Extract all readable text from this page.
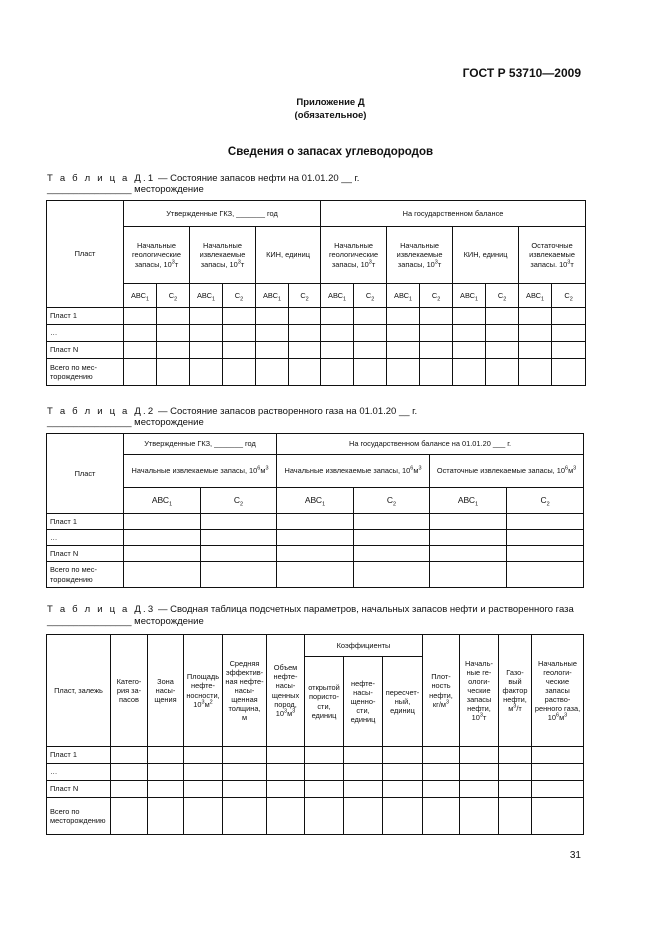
ГОСТ Р 53710—2009
Приложение Д
(обязательное)
Сведения о запасах углеводородов
Т а б л и ц а Д.1 — Состояние запасов нефти на 01.01.20 __ г.
________________ месторождение
Пласт	Утвержденные ГКЗ, _______ год						На государственном балансе							
	Начальные геологические запасы, $10^3т$		Начальные извлекаемые запасы, $10^3т$		КИН, единиц		Начальные геологические запасы, $10^3т$		Начальные извлекаемые запасы, $10^3т$		КИН, единиц		Остаточные извлекаемые запасы. $10^3т$	
	$АВС_1$	$С_2$	$АВС_1$	$С_2$	$АВС_1$	$С_2$	$АВС_1$	$С_2$	$АВС_1$	$С_2$	$АВС_1$	$С_2$	$АВС_1$	$С_2$
Пласт 1														
…														
Пласт N														
Всего по месторождению														
Т а б л и ц а Д.2 — Состояние запасов растворенного газа на 01.01.20 __ г.
________________ месторождение
Пласт	Утвержденные ГКЗ, _______ год		На государственном балансе на 01.01.20 ___ г.			
	Начальные извлекаемые запасы, $10^6м^3$		Начальные извлекаемые запасы, $10^6м^3$		Остаточные извлекаемые запасы, $10^6м^3$
	$АВС_1$	$С_2$	$АВС_1$	$С_2$	$АВС_1$	$С_2$
Пласт 1						
…						
Пласт N						
Всего по месторождению						
Т а б л и ц а Д.3 — Сводная таблица подсчетных параметров, начальных запасов нефти и растворенного газа
________________ месторождение
Пласт, залежь	Категория запасов	Зона насыщения	Площадь нефтеносности, $10^3м^2$	Средняя эффективная нефтенасыщенная толщина, м	Объем нефтенасыщенных пород, $10^3м^3$	Коэффициенты			Плотность нефти, $кг/м^3$	Начальные геологические запасы нефти, $10^3т$	Газовый фактор нефти, $м^3/т$	Начальные геологические запасы растворенного газа, $10^6м^3$
						открытой пористости, единиц	нефтенасыщенности, единиц	пересчетный, единиц				
Пласт 1												
…												
Пласт N												
Всего по месторождению												
31
